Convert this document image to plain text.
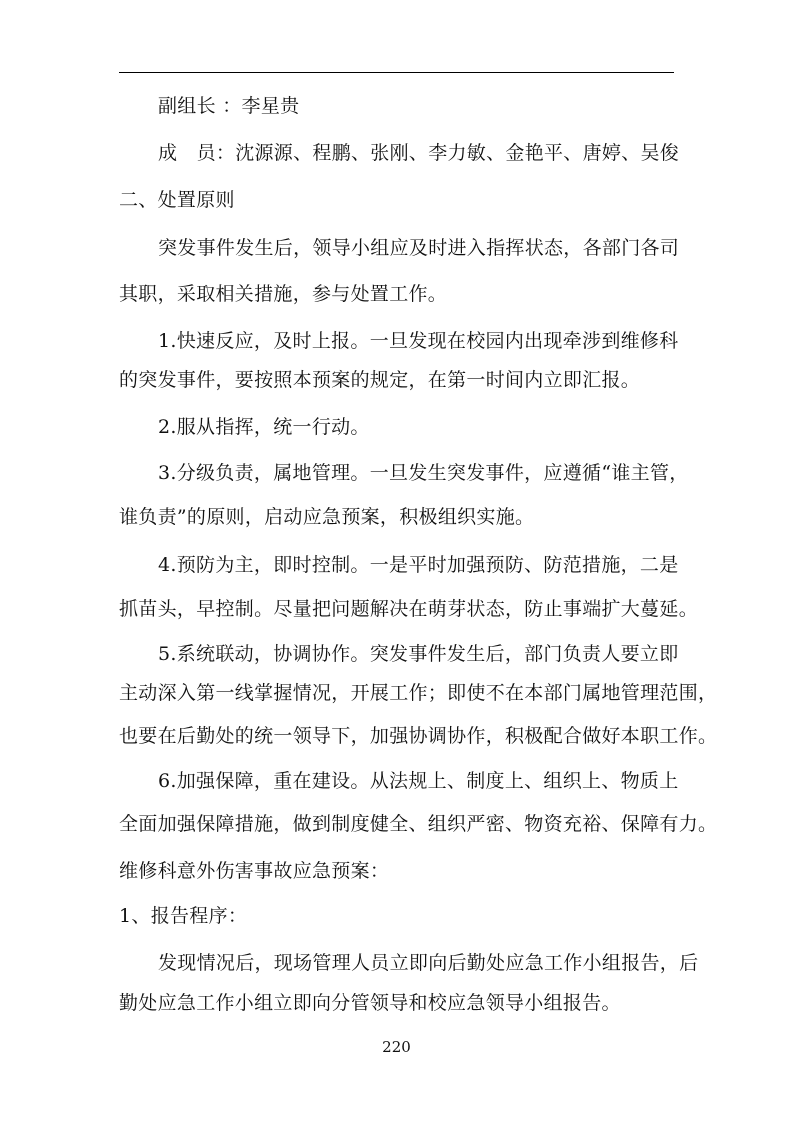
副组长 ：李星贵
成　员：沈源源、程鹏、张刚、李力敏、金艳平、唐婷、吴俊
二、处置原则
突发事件发生后，领导小组应及时进入指挥状态，各部门各司
其职，采取相关措施，参与处置工作。
1.快速反应，及时上报。一旦发现在校园内出现牵涉到维修科
的突发事件，要按照本预案的规定，在第一时间内立即汇报。
2.服从指挥，统一行动。
3.分级负责，属地管理。一旦发生突发事件，应遵循“谁主管，
谁负责”的原则，启动应急预案，积极组织实施。
4.预防为主，即时控制。一是平时加强预防、防范措施，二是
抓苗头，早控制。尽量把问题解决在萌芽状态，防止事端扩大蔓延。
5.系统联动，协调协作。突发事件发生后，部门负责人要立即
主动深入第一线掌握情况，开展工作；即使不在本部门属地管理范围，
也要在后勤处的统一领导下，加强协调协作，积极配合做好本职工作。
6.加强保障，重在建设。从法规上、制度上、组织上、物质上
全面加强保障措施，做到制度健全、组织严密、物资充裕、保障有力。
维修科意外伤害事故应急预案：
1、报告程序：
发现情况后，现场管理人员立即向后勤处应急工作小组报告，后
勤处应急工作小组立即向分管领导和校应急领导小组报告。
220
